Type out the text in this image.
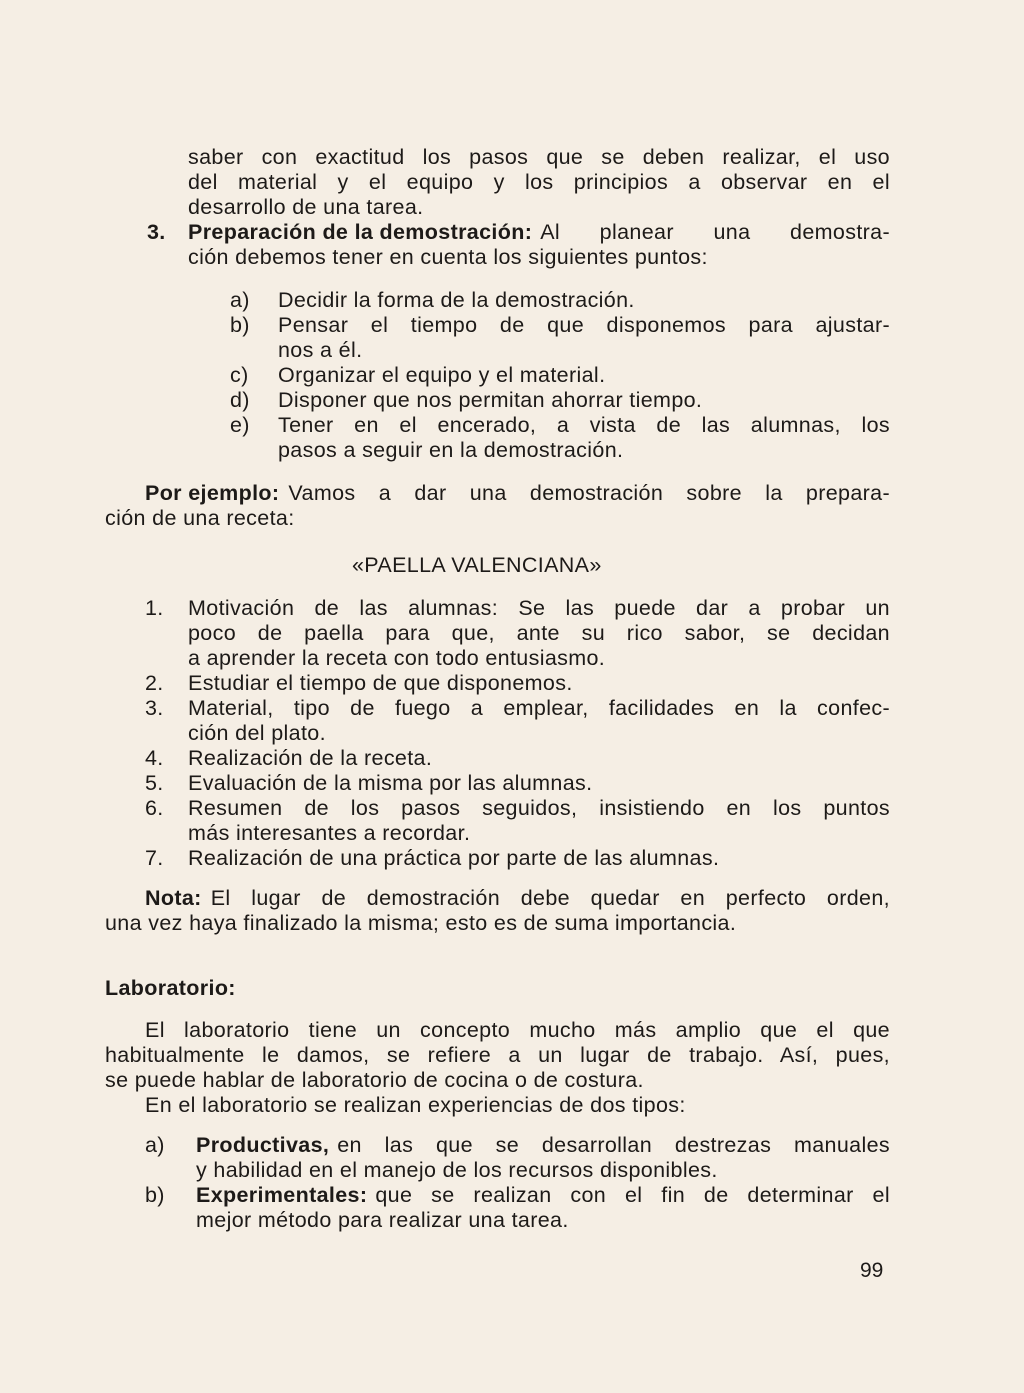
saber con exactitud los pasos que se deben realizar, el uso
del material y el equipo y los principios a observar en el
desarrollo de una tarea.
3. Preparación de la demostración: Al planear una demostra-
ción debemos tener en cuenta los siguientes puntos:
a) Decidir la forma de la demostración.
b) Pensar el tiempo de que disponemos para ajustar-
nos a él.
c) Organizar el equipo y el material.
d) Disponer que nos permitan ahorrar tiempo.
e) Tener en el encerado, a vista de las alumnas, los
pasos a seguir en la demostración.
Por ejemplo: Vamos a dar una demostración sobre la prepara-
ción de una receta:
«PAELLA VALENCIANA»
1. Motivación de las alumnas: Se las puede dar a probar un
poco de paella para que, ante su rico sabor, se decidan
a aprender la receta con todo entusiasmo.
2. Estudiar el tiempo de que disponemos.
3. Material, tipo de fuego a emplear, facilidades en la confec-
ción del plato.
4. Realización de la receta.
5. Evaluación de la misma por las alumnas.
6. Resumen de los pasos seguidos, insistiendo en los puntos
más interesantes a recordar.
7. Realización de una práctica por parte de las alumnas.
Nota: El lugar de demostración debe quedar en perfecto orden,
una vez haya finalizado la misma; esto es de suma importancia.
Laboratorio:
El laboratorio tiene un concepto mucho más amplio que el que
habitualmente le damos, se refiere a un lugar de trabajo. Así, pues,
se puede hablar de laboratorio de cocina o de costura.
En el laboratorio se realizan experiencias de dos tipos:
a) Productivas, en las que se desarrollan destrezas manuales
y habilidad en el manejo de los recursos disponibles.
b) Experimentales: que se realizan con el fin de determinar el
mejor método para realizar una tarea.
99
